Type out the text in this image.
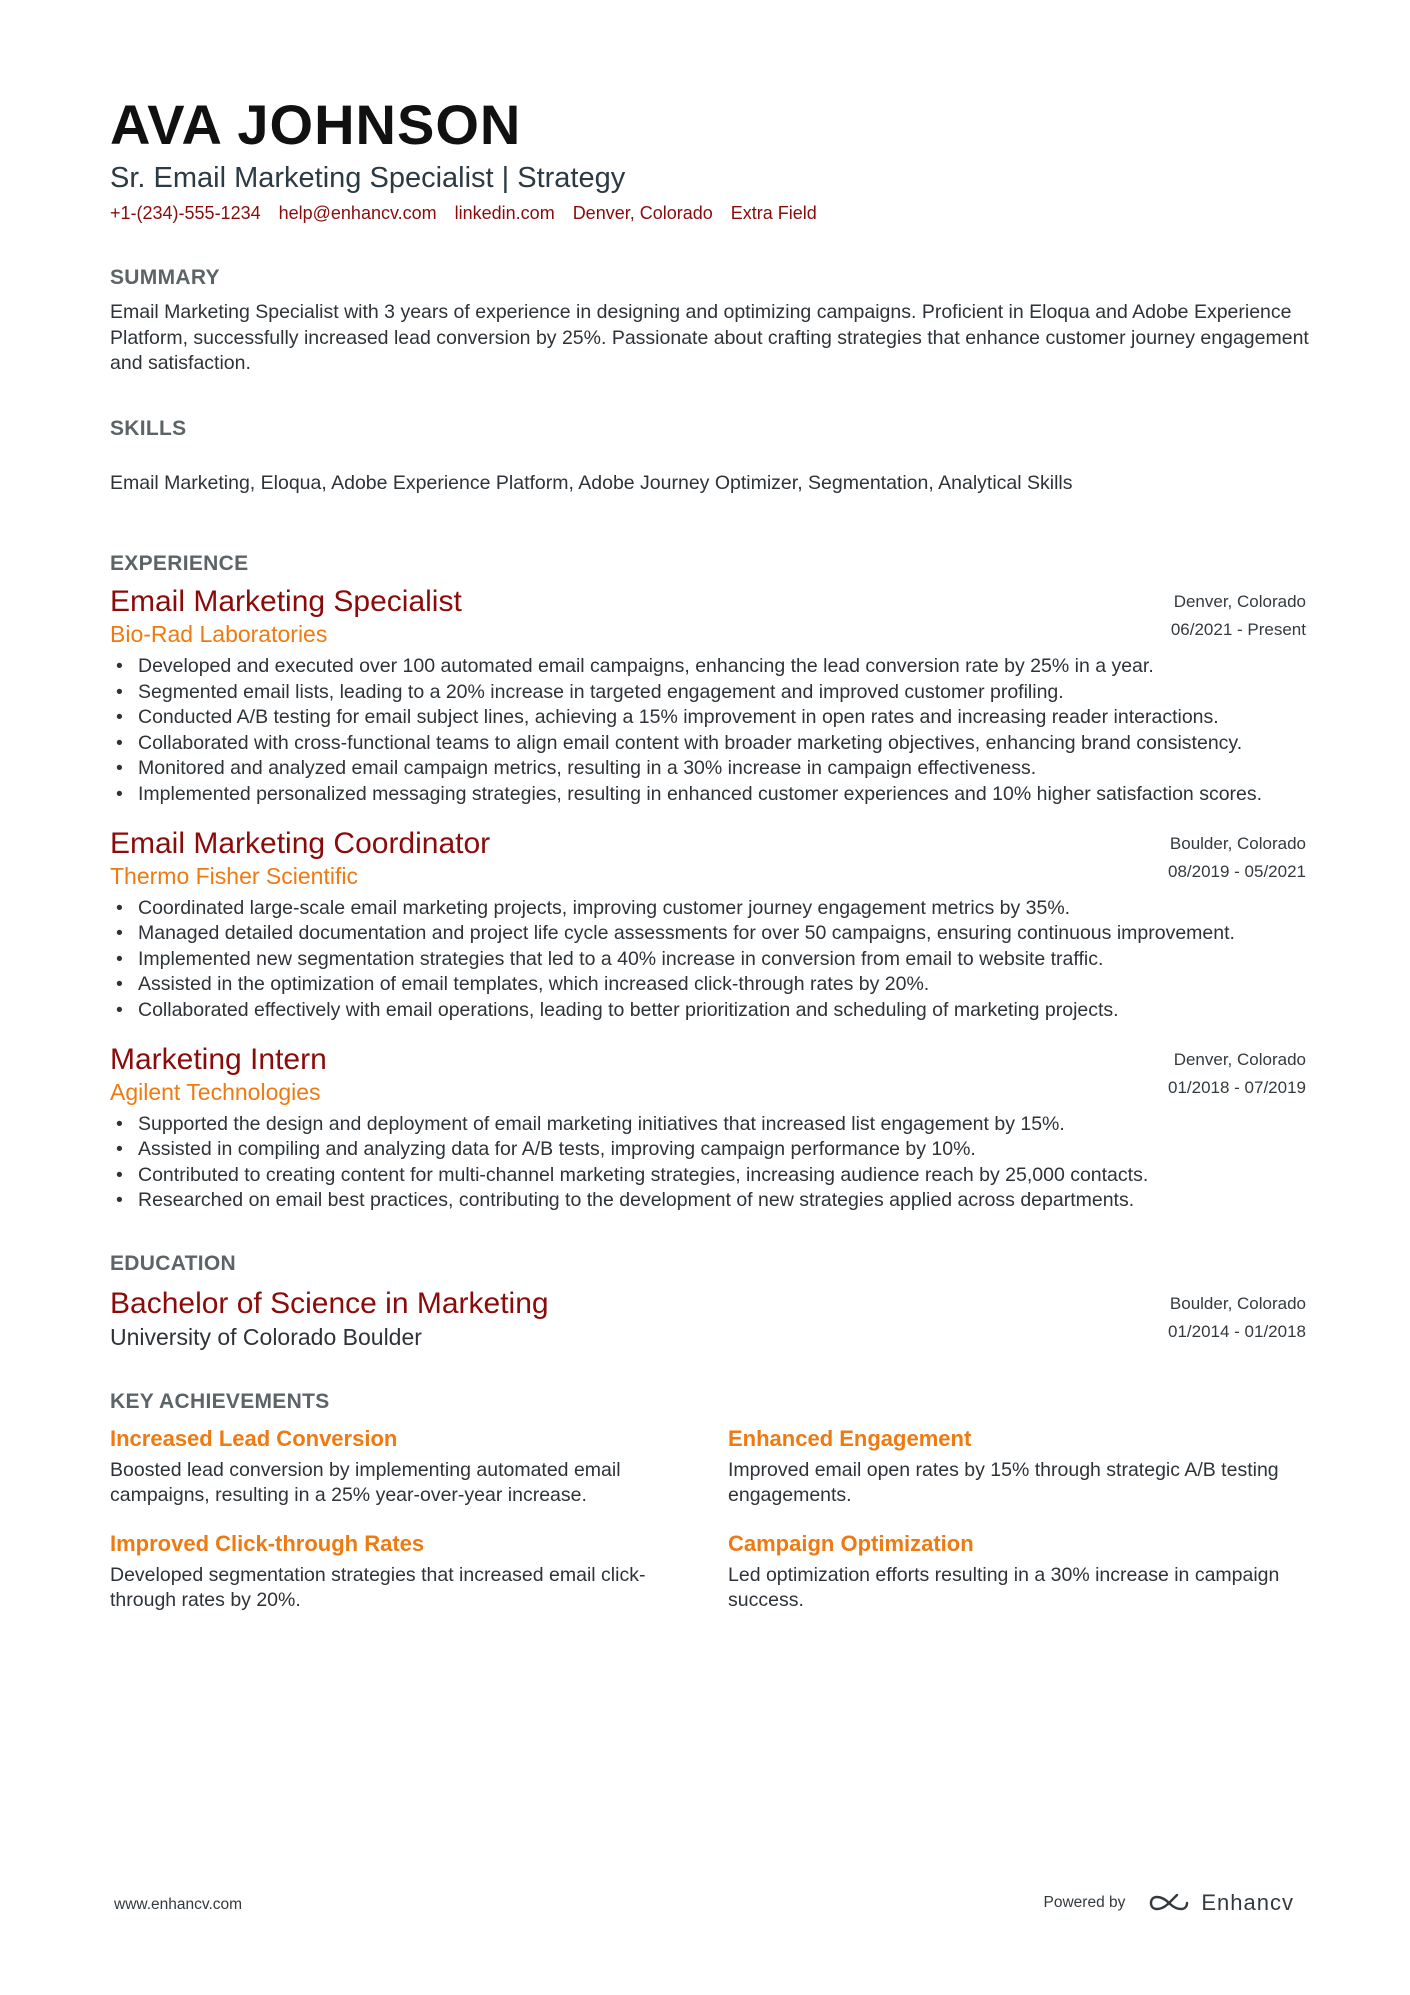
AVA JOHNSON
Sr. Email Marketing Specialist | Strategy
+1-(234)-555-1234 help@enhancv.com linkedin.com Denver, Colorado Extra Field
SUMMARY
Email Marketing Specialist with 3 years of experience in designing and optimizing campaigns. Proficient in Eloqua and Adobe Experience Platform, successfully increased lead conversion by 25%. Passionate about crafting strategies that enhance customer journey engagement and satisfaction.
SKILLS
Email Marketing, Eloqua, Adobe Experience Platform, Adobe Journey Optimizer, Segmentation, Analytical Skills
EXPERIENCE
Email Marketing Specialist
Bio-Rad Laboratories
Denver, Colorado
06/2021 - Present
• Developed and executed over 100 automated email campaigns, enhancing the lead conversion rate by 25% in a year.
• Segmented email lists, leading to a 20% increase in targeted engagement and improved customer profiling.
• Conducted A/B testing for email subject lines, achieving a 15% improvement in open rates and increasing reader interactions.
• Collaborated with cross-functional teams to align email content with broader marketing objectives, enhancing brand consistency.
• Monitored and analyzed email campaign metrics, resulting in a 30% increase in campaign effectiveness.
• Implemented personalized messaging strategies, resulting in enhanced customer experiences and 10% higher satisfaction scores.
Email Marketing Coordinator
Thermo Fisher Scientific
Boulder, Colorado
08/2019 - 05/2021
• Coordinated large-scale email marketing projects, improving customer journey engagement metrics by 35%.
• Managed detailed documentation and project life cycle assessments for over 50 campaigns, ensuring continuous improvement.
• Implemented new segmentation strategies that led to a 40% increase in conversion from email to website traffic.
• Assisted in the optimization of email templates, which increased click-through rates by 20%.
• Collaborated effectively with email operations, leading to better prioritization and scheduling of marketing projects.
Marketing Intern
Agilent Technologies
Denver, Colorado
01/2018 - 07/2019
• Supported the design and deployment of email marketing initiatives that increased list engagement by 15%.
• Assisted in compiling and analyzing data for A/B tests, improving campaign performance by 10%.
• Contributed to creating content for multi-channel marketing strategies, increasing audience reach by 25,000 contacts.
• Researched on email best practices, contributing to the development of new strategies applied across departments.
EDUCATION
Bachelor of Science in Marketing
University of Colorado Boulder
Boulder, Colorado
01/2014 - 01/2018
KEY ACHIEVEMENTS
Increased Lead Conversion
Boosted lead conversion by implementing automated email campaigns, resulting in a 25% year-over-year increase.
Enhanced Engagement
Improved email open rates by 15% through strategic A/B testing engagements.
Improved Click-through Rates
Developed segmentation strategies that increased email click-through rates by 20%.
Campaign Optimization
Led optimization efforts resulting in a 30% increase in campaign success.
www.enhancv.com	Powered by	Enhancv
